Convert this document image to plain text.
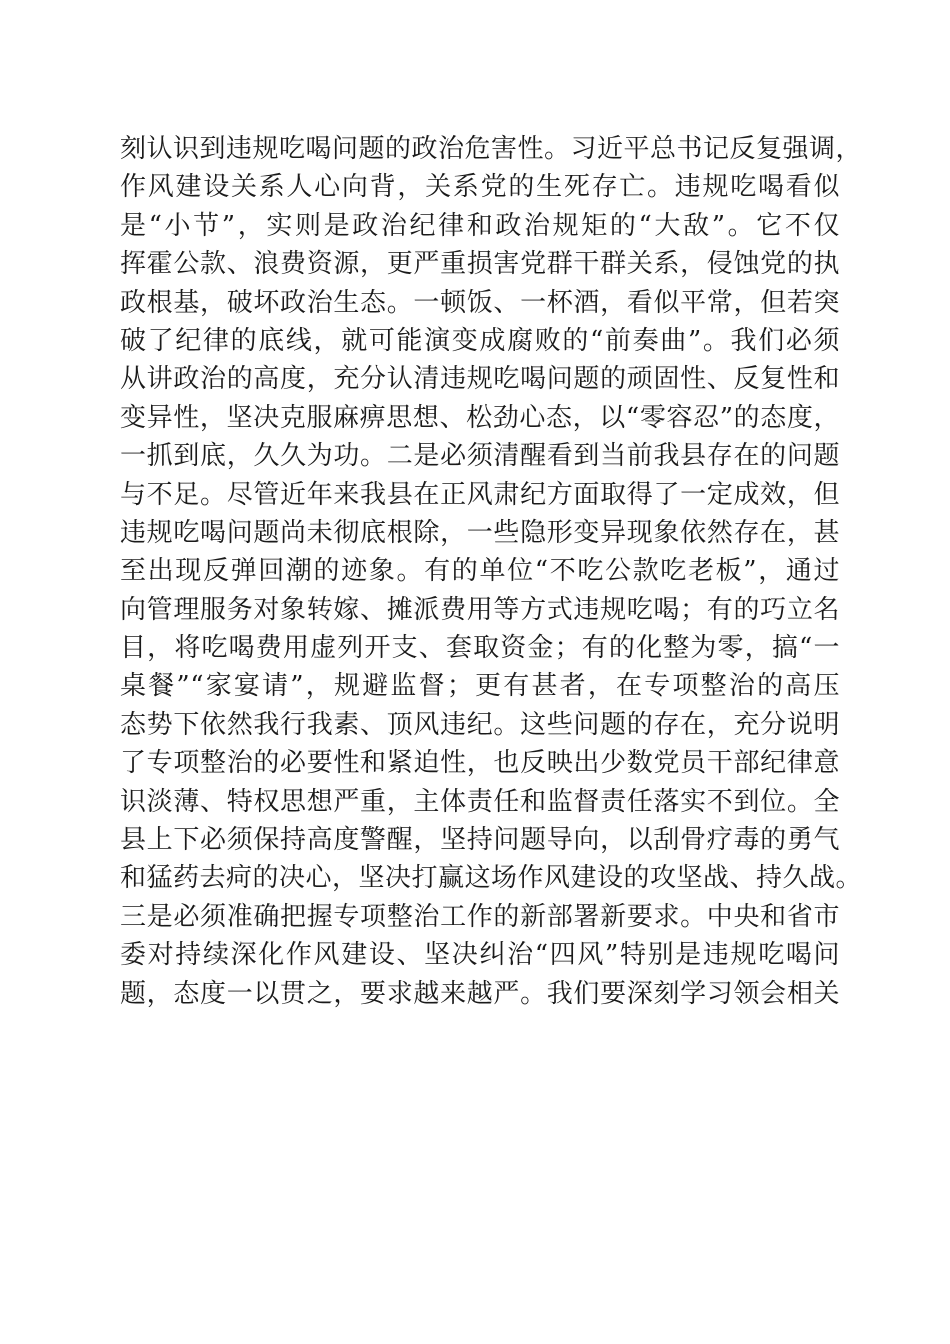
刻认识到违规吃喝问题的政治危害性。习近平总书记反复强调，
作风建设关系人心向背，关系党的生死存亡。违规吃喝看似
是“小节”，实则是政治纪律和政治规矩的“大敌”。它不仅
挥霍公款、浪费资源，更严重损害党群干群关系，侵蚀党的执
政根基，破坏政治生态。一顿饭、一杯酒，看似平常，但若突
破了纪律的底线，就可能演变成腐败的“前奏曲”。我们必须
从讲政治的高度，充分认清违规吃喝问题的顽固性、反复性和
变异性，坚决克服麻痹思想、松劲心态，以“零容忍”的态度，
一抓到底，久久为功。二是必须清醒看到当前我县存在的问题
与不足。尽管近年来我县在正风肃纪方面取得了一定成效，但
违规吃喝问题尚未彻底根除，一些隐形变异现象依然存在，甚
至出现反弹回潮的迹象。有的单位“不吃公款吃老板”，通过
向管理服务对象转嫁、摊派费用等方式违规吃喝；有的巧立名
目，将吃喝费用虚列开支、套取资金；有的化整为零，搞“一
桌餐”“家宴请”，规避监督；更有甚者，在专项整治的高压
态势下依然我行我素、顶风违纪。这些问题的存在，充分说明
了专项整治的必要性和紧迫性，也反映出少数党员干部纪律意
识淡薄、特权思想严重，主体责任和监督责任落实不到位。全
县上下必须保持高度警醒，坚持问题导向，以刮骨疗毒的勇气
和猛药去疴的决心，坚决打赢这场作风建设的攻坚战、持久战。
三是必须准确把握专项整治工作的新部署新要求。中央和省市
委对持续深化作风建设、坚决纠治“四风”特别是违规吃喝问
题，态度一以贯之，要求越来越严。我们要深刻学习领会相关
